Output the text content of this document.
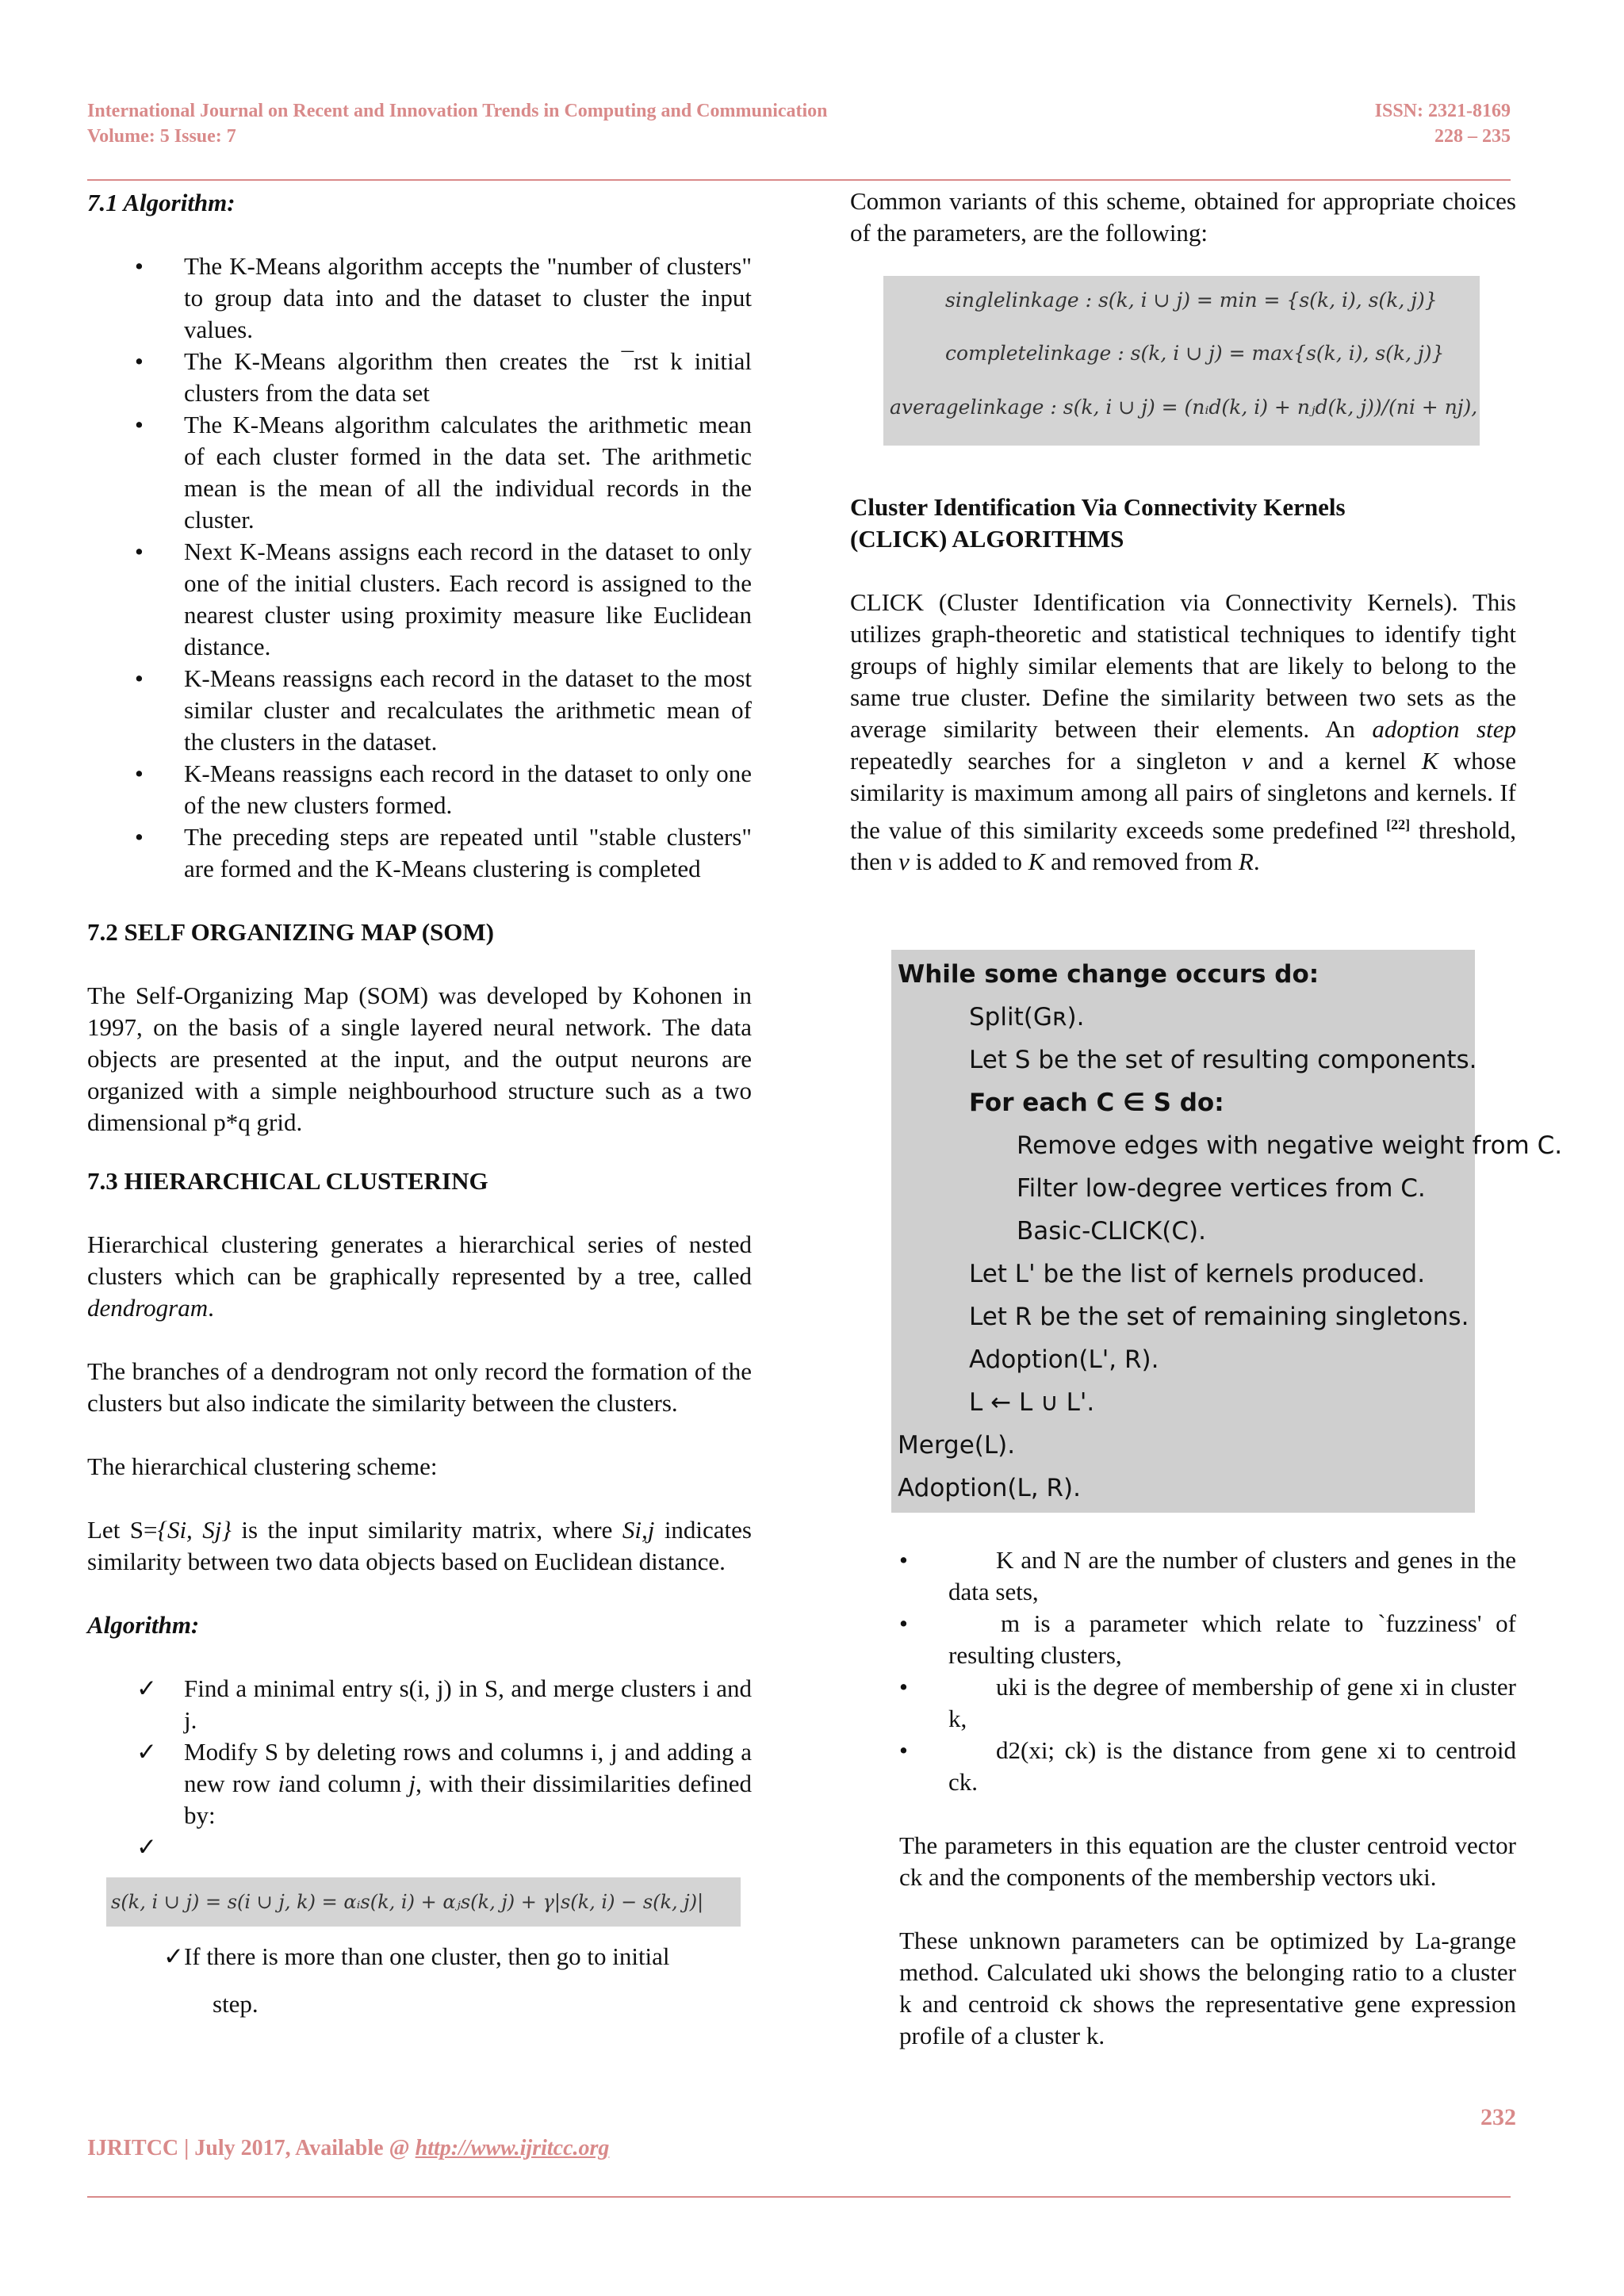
International Journal on Recent and Innovation Trends in Computing and Communication
Volume: 5 Issue: 7
ISSN: 2321-8169
228 – 235
7.1 Algorithm:
• The K-Means algorithm accepts the "number of clusters" to group data into and the dataset to cluster the input values.
• The K-Means algorithm then creates the ¯rst k initial clusters from the data set
• The K-Means algorithm calculates the arithmetic mean of each cluster formed in the data set. The arithmetic mean is the mean of all the individual records in the cluster.
• Next K-Means assigns each record in the dataset to only one of the initial clusters. Each record is assigned to the nearest cluster using proximity measure like Euclidean distance.
• K-Means reassigns each record in the dataset to the most similar cluster and recalculates the arithmetic mean of the clusters in the dataset.
• K-Means reassigns each record in the dataset to only one of the new clusters formed.
• The preceding steps are repeated until "stable clusters" are formed and the K-Means clustering is completed
7.2 SELF ORGANIZING MAP (SOM)

The Self-Organizing Map (SOM) was developed by Kohonen in 1997, on the basis of a single layered neural network. The data objects are presented at the input, and the output neurons are organized with a simple neighbourhood structure such as a two dimensional p*q grid.

7.3 HIERARCHICAL CLUSTERING

Hierarchical clustering generates a hierarchical series of nested clusters which can be graphically represented by a tree, called dendrogram.

The branches of a dendrogram not only record the formation of the clusters but also indicate the similarity between the clusters.

The hierarchical clustering scheme:

Let S={Si, Sj} is the input similarity matrix, where Si,j indicates similarity between two data objects based on Euclidean distance.

Algorithm:
✓ Find a minimal entry s(i, j) in S, and merge clusters i and j.
✓ Modify S by deleting rows and columns i, j and adding a new row iand column j, with their dissimilarities defined by:
✓
s(k, i ∪ j) = s(i ∪ j, k) = αᵢs(k, i) + αⱼs(k, j) + γ|s(k, i) − s(k, j)|
✓If there is more than one cluster, then go to initial
step.

Common variants of this scheme, obtained for appropriate choices of the parameters, are the following:

singlelinkage : s(k, i ∪ j) = min = {s(k, i), s(k, j)}
completelinkage : s(k, i ∪ j) = max{s(k, i), s(k, j)}
averagelinkage : s(k, i ∪ j) = (nᵢd(k, i) + nⱼd(k, j))/(ni + nj),
Cluster Identification Via Connectivity Kernels
(CLICK) ALGORITHMS

CLICK (Cluster Identification via Connectivity Kernels). This utilizes graph-theoretic and statistical techniques to identify tight groups of highly similar elements that are likely to belong to the same true cluster. Define the similarity between two sets as the average similarity between their elements. An adoption step repeatedly searches for a singleton v and a kernel K whose similarity is maximum among all pairs of singletons and kernels. If the value of this similarity exceeds some predefined [22] threshold, then v is added to K and removed from R.

While some change occurs do:
Split(Gʀ).
Let S be the set of resulting components.
For each C ∈ S do:
Remove edges with negative weight from C.
Filter low-degree vertices from C.
Basic-CLICK(C).
Let L' be the list of kernels produced.
Let R be the set of remaining singletons.
Adoption(L', R).
L ← L ∪ L'.
Merge(L).
Adoption(L, R).
•	K and N are the number of clusters and genes in the data sets,
•	m is a parameter which relate to `fuzziness' of resulting clusters,
•	uki is the degree of membership of gene xi in cluster k,
•	d2(xi; ck) is the distance from gene xi to centroid ck.

The parameters in this equation are the cluster centroid vector ck and the components of the membership vectors uki.

These unknown parameters can be optimized by La-grange method. Calculated uki shows the belonging ratio to a cluster k and centroid ck shows the representative gene expression profile of a cluster k.

232
IJRITCC | July 2017, Available @ http://www.ijritcc.org
